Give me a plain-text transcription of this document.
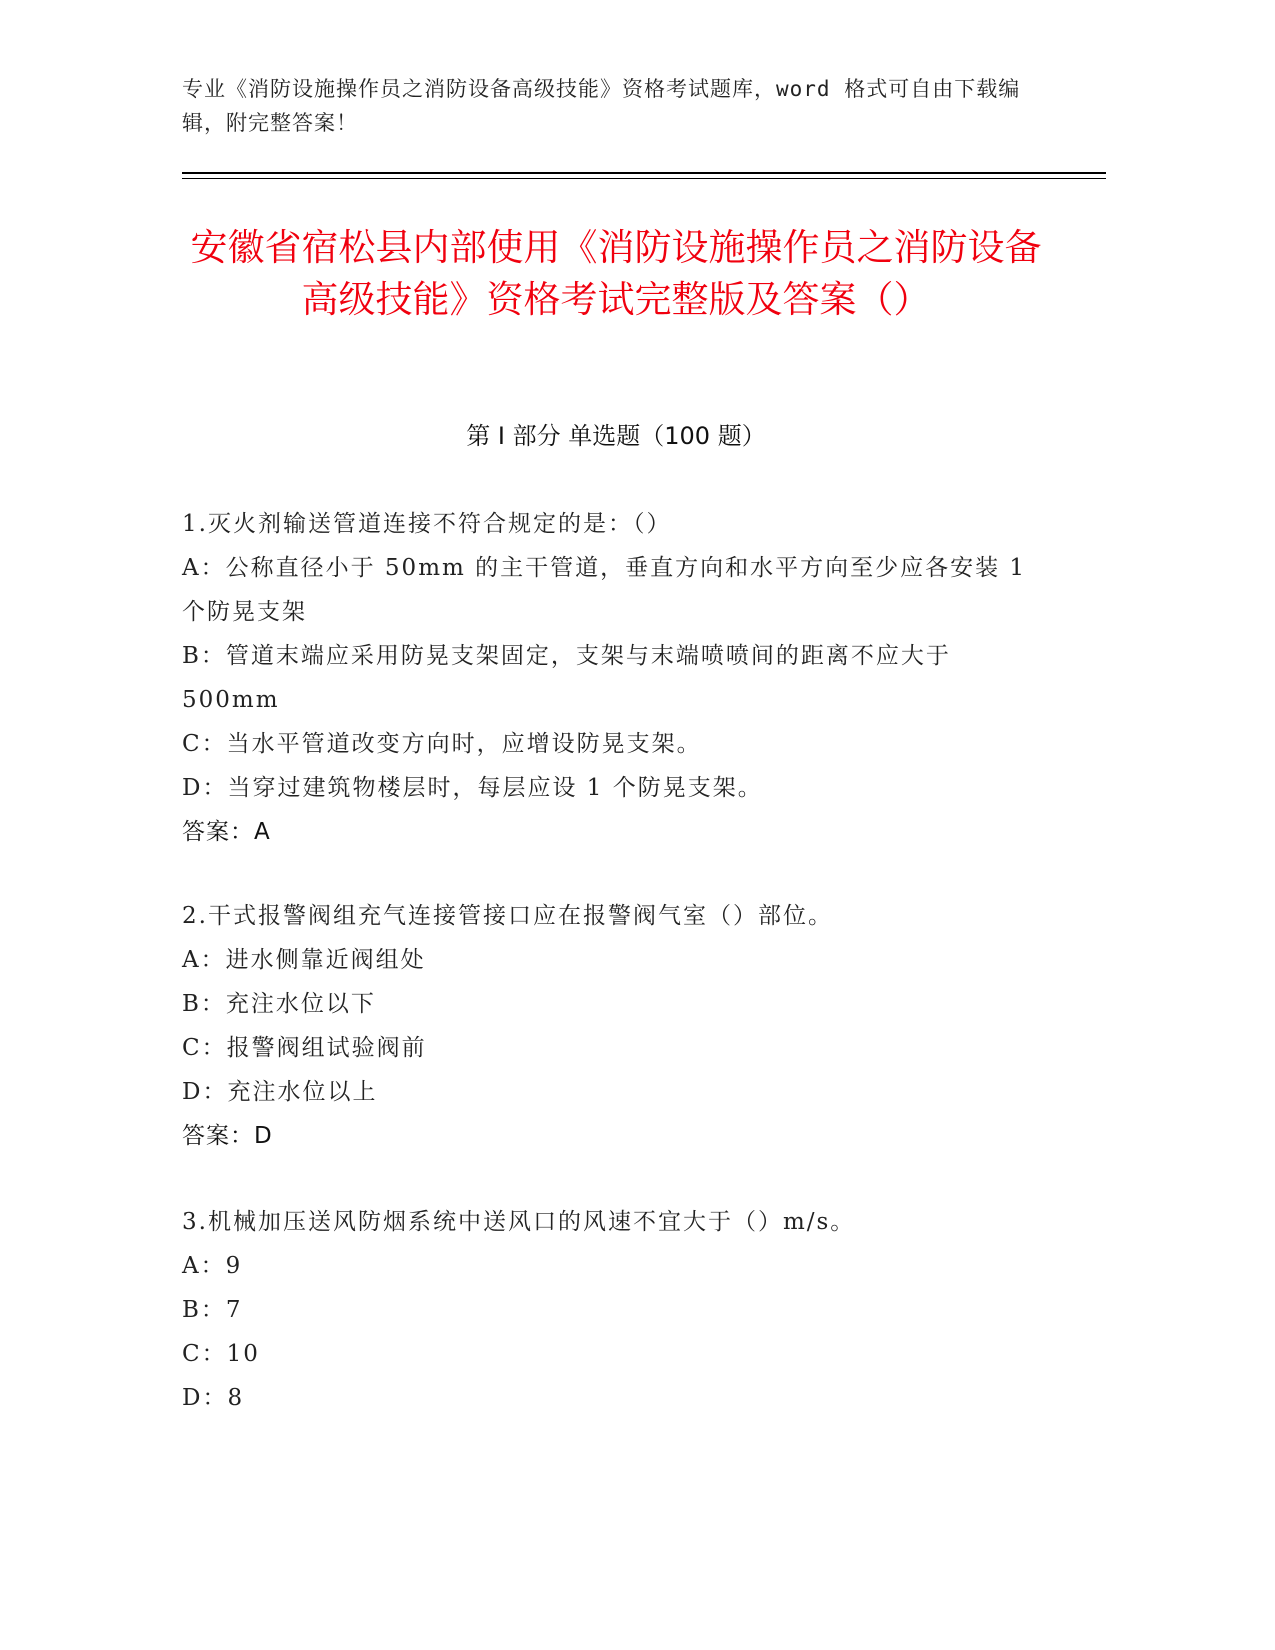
专业《消防设施操作员之消防设备高级技能》资格考试题库，word 格式可自由下载编辑，附完整答案！
安徽省宿松县内部使用《消防设施操作员之消防设备高级技能》资格考试完整版及答案（）
第 I 部分 单选题（100 题）
1.灭火剂输送管道连接不符合规定的是：（）
A：公称直径小于 50mm 的主干管道，垂直方向和水平方向至少应各安装 1 个防晃支架
B：管道末端应采用防晃支架固定，支架与末端喷喷间的距离不应大于 500mm
C：当水平管道改变方向时，应增设防晃支架。
D：当穿过建筑物楼层时，每层应设 1 个防晃支架。
答案：A
2.干式报警阀组充气连接管接口应在报警阀气室（）部位。
A：进水侧靠近阀组处
B：充注水位以下
C：报警阀组试验阀前
D：充注水位以上
答案：D
3.机械加压送风防烟系统中送风口的风速不宜大于（）m/s。
A：9
B：7
C：10
D：8
